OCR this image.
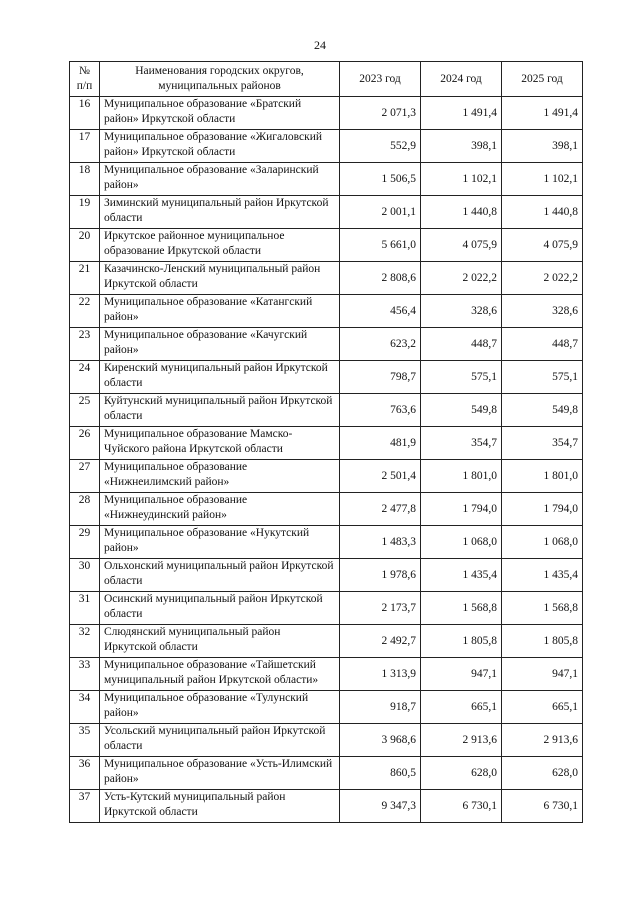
24
№ п/п	Наименования городских округов, муниципальных районов	2023 год	2024 год	2025 год
16	Муниципальное образование «Братский район» Иркутской области	2 071,3	1 491,4	1 491,4
17	Муниципальное образование «Жигаловский район» Иркутской области	552,9	398,1	398,1
18	Муниципальное образование «Заларинский район»	1 506,5	1 102,1	1 102,1
19	Зиминский муниципальный район Иркутской области	2 001,1	1 440,8	1 440,8
20	Иркутское районное муниципальное образование Иркутской области	5 661,0	4 075,9	4 075,9
21	Казачинско-Ленский муниципальный район Иркутской области	2 808,6	2 022,2	2 022,2
22	Муниципальное образование «Катангский район»	456,4	328,6	328,6
23	Муниципальное образование «Качугский район»	623,2	448,7	448,7
24	Киренский муниципальный район Иркутской области	798,7	575,1	575,1
25	Куйтунский муниципальный район Иркутской области	763,6	549,8	549,8
26	Муниципальное образование Мамско-Чуйского района Иркутской области	481,9	354,7	354,7
27	Муниципальное образование «Нижнеилимский район»	2 501,4	1 801,0	1 801,0
28	Муниципальное образование «Нижнеудинский район»	2 477,8	1 794,0	1 794,0
29	Муниципальное образование «Нукутский район»	1 483,3	1 068,0	1 068,0
30	Ольхонский муниципальный район Иркутской области	1 978,6	1 435,4	1 435,4
31	Осинский муниципальный район Иркутской области	2 173,7	1 568,8	1 568,8
32	Слюдянский муниципальный район Иркутской области	2 492,7	1 805,8	1 805,8
33	Муниципальное образование «Тайшетский муниципальный район Иркутской области»	1 313,9	947,1	947,1
34	Муниципальное образование «Тулунский район»	918,7	665,1	665,1
35	Усольский муниципальный район Иркутской области	3 968,6	2 913,6	2 913,6
36	Муниципальное образование «Усть-Илимский район»	860,5	628,0	628,0
37	Усть-Кутский муниципальный район Иркутской области	9 347,3	6 730,1	6 730,1
